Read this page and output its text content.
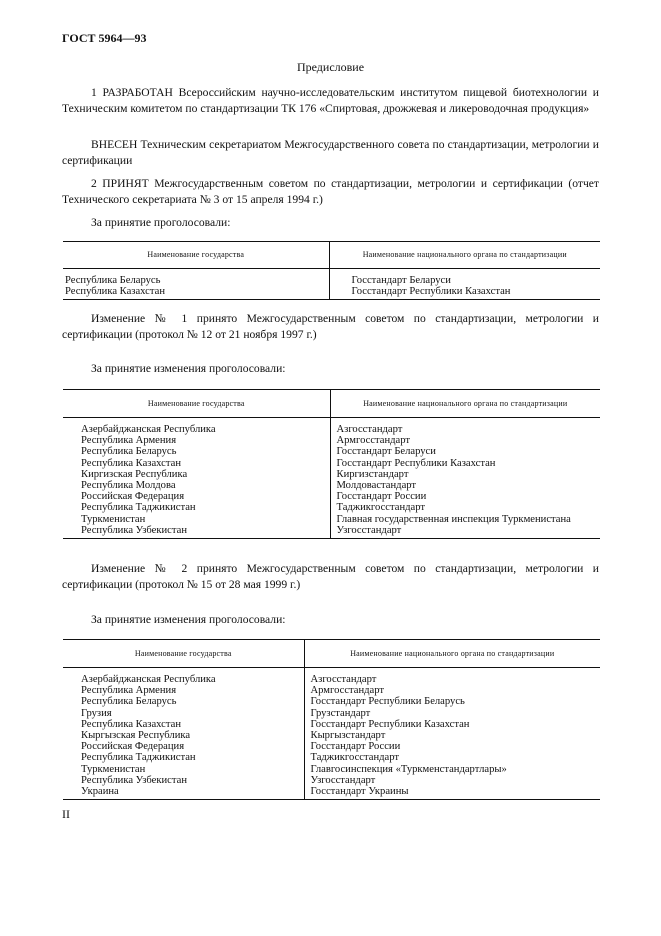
ГОСТ 5964—93
Предисловие
1 РАЗРАБОТАН Всероссийским научно-исследовательским институтом пищевой биотехнологии и Техническим комитетом по стандартизации ТК 176 «Спиртовая, дрожжевая и ликероводочная продукция»
ВНЕСЕН Техническим секретариатом Межгосударственного совета по стандартизации, метрологии и сертификации
2 ПРИНЯТ Межгосударственным советом по стандартизации, метрологии и сертификации (отчет Технического секретариата № 3 от 15 апреля 1994 г.)
За принятие проголосовали:
Наименование государства	Наименование национального органа по стандартизации
Республика Беларусь	Госстандарт Беларуси
Республика Казахстан	Госстандарт Республики Казахстан
Изменение № 1 принято Межгосударственным советом по стандартизации, метрологии и сертификации (протокол № 12 от 21 ноября 1997 г.)
За принятие изменения проголосовали:
Наименование государства	Наименование национального органа по стандартизации
Азербайджанская Республика	Азгосстандарт
Республика Армения	Армгосстандарт
Республика Беларусь	Госстандарт Беларуси
Республика Казахстан	Госстандарт Республики Казахстан
Киргизская Республика	Киргизстандарт
Республика Молдова	Молдовастандарт
Российская Федерация	Госстандарт России
Республика Таджикистан	Таджикгосстандарт
Туркменистан	Главная государственная инспекция Туркменистана
Республика Узбекистан	Узгосстандарт
Изменение № 2 принято Межгосударственным советом по стандартизации, метрологии и сертификации (протокол № 15 от 28 мая 1999 г.)
За принятие изменения проголосовали:
Наименование государства	Наименование национального органа по стандартизации
Азербайджанская Республика	Азгосстандарт
Республика Армения	Армгосстандарт
Республика Беларусь	Госстандарт Республики Беларусь
Грузия	Грузстандарт
Республика Казахстан	Госстандарт Республики Казахстан
Кыргызская Республика	Кыргызстандарт
Российская Федерация	Госстандарт России
Республика Таджикистан	Таджикгосстандарт
Туркменистан	Главгосинспекция «Туркменстандартлары»
Республика Узбекистан	Узгосстандарт
Украина	Госстандарт Украины
II
